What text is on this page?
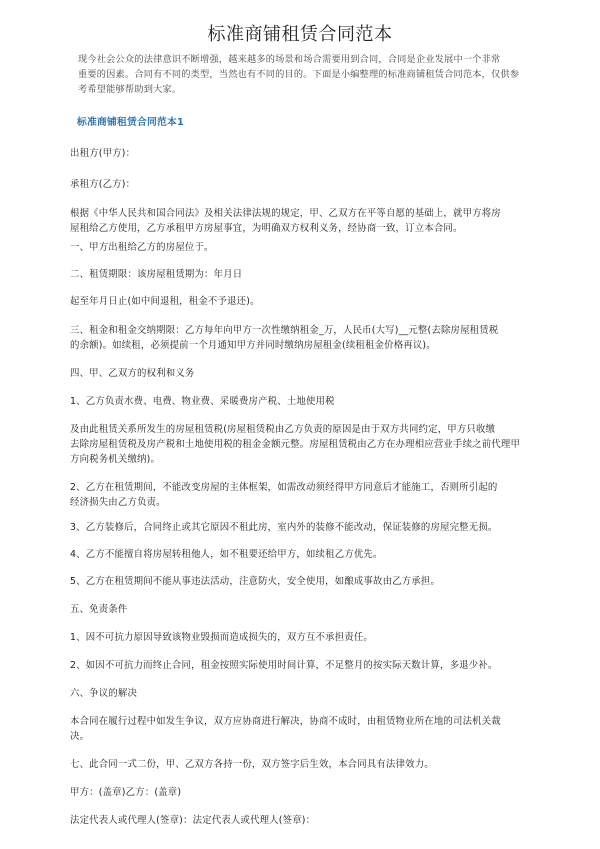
标准商铺租赁合同范本
现今社会公众的法律意识不断增强，越来越多的场景和场合需要用到合同，合同是企业发展中一个非常
重要的因素。合同有不同的类型，当然也有不同的目的。下面是小编整理的标准商铺租赁合同范本，仅供参
考希望能够帮助到大家。
标准商铺租赁合同范本1
出租方(甲方)：
承租方(乙方)：
根据《中华人民共和国合同法》及相关法律法规的规定，甲、乙双方在平等自愿的基础上，就甲方将房
屋租给乙方使用，乙方承租甲方房屋事宜，为明确双方权利义务，经协商一致，订立本合同。
一、甲方出租给乙方的房屋位于。
二、租赁期限：该房屋租赁期为：年月日
起至年月日止(如中间退租，租金不予退还)。
三、租金和租金交纳期限：乙方每年向甲方一次性缴纳租金_万，人民币(大写)__元整(去除房屋租赁税
的余额)。如续租，必须提前一个月通知甲方并同时缴纳房屋租金(续租租金价格再议)。
四、甲、乙双方的权利和义务
1、乙方负责水费、电费、物业费、采暖费房产税、土地使用税
及由此租赁关系所发生的房屋租赁税(房屋租赁税由乙方负责的原因是由于双方共同约定，甲方只收缴
去除房屋租赁税及房产税和土地使用税的租金金额元整。房屋租赁税由乙方在办理相应营业手续之前代理甲
方向税务机关缴纳)。
2、乙方在租赁期间，不能改变房屋的主体框架，如需改动须经得甲方同意后才能施工，否则所引起的
经济损失由乙方负责。
3、乙方装修后，合同终止或其它原因不租此房，室内外的装修不能改动，保证装修的房屋完整无损。
4、乙方不能擅自将房屋转租他人，如不租要还给甲方，如续租乙方优先。
5、乙方在租赁期间不能从事违法活动，注意防火，安全使用，如酿成事故由乙方承担。
五、免责条件
1、因不可抗力原因导致该物业毁损而造成损失的，双方互不承担责任。
2、如因不可抗力而终止合同，租金按照实际使用时间计算，不足整月的按实际天数计算，多退少补。
六、争议的解决
本合同在履行过程中如发生争议，双方应协商进行解决，协商不成时，由租赁物业所在地的司法机关裁
决。
七、此合同一式二份，甲、乙双方各持一份，双方签字后生效，本合同具有法律效力。
甲方：(盖章)乙方：(盖章)
法定代表人或代理人(签章)：法定代表人或代理人(签章)：
